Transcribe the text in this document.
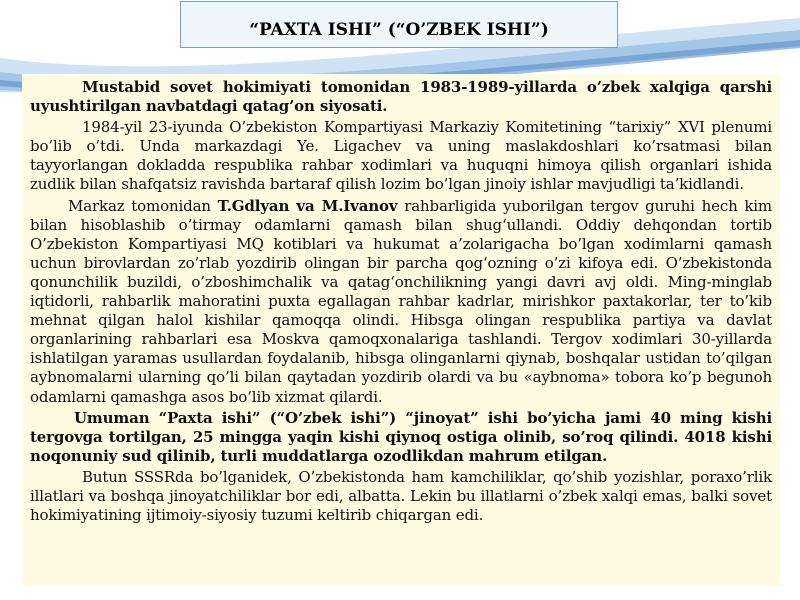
“PAXTA ISHI” (“O’ZBEK ISHI”)

Mustabid sovet hokimiyati tomonidan 1983-1989-yillarda o’zbek xalqiga qarshi uyushtirilgan navbatdagi qatag’on siyosati.

1984-yil 23-iyunda O’zbekiston Kompartiyasi Markaziy Komitetining “tarixiy” XVI plenumi bo’lib o’tdi. Unda markazdagi Ye. Ligachev va uning maslakdoshlari ko’rsatmasi bilan tayyorlangan dokladda respublika rahbar xodimlari va huquqni himoya qilish organlari ishida zudlik bilan shafqatsiz ravishda bartaraf qilish lozim bo’lgan jinoiy ishlar mavjudligi ta’kidlandi.

Markaz tomonidan T.Gdlyan va M.Ivanov rahbarligida yuborilgan tergov guruhi hech kim bilan hisoblashib o’tirmay odamlarni qamash bilan shug‘ullandi. Oddiy dehqondan tortib O’zbekiston Kompartiyasi MQ kotiblari va hukumat a’zolarigacha bo’lgan xodimlarni qamash uchun birovlardan zo’rlab yozdirib olingan bir parcha qog‘ozning o’zi kifoya edi. O’zbekistonda qonunchilik buzildi, o’zboshimchalik va qatag‘onchilikning yangi davri avj oldi. Ming-minglab iqtidorli, rahbarlik mahoratini puxta egallagan rahbar kadrlar, mirishkor paxtakorlar, ter to’kib mehnat qilgan halol kishilar qamoqqa olindi. Hibsga olingan respublika partiya va davlat organlarining rahbarlari esa Moskva qamoqxonalariga tashlandi. Tergov xodimlari 30-yillarda ishlatilgan yaramas usullardan foydalanib, hibsga olinganlarni qiynab, boshqalar ustidan to’qilgan aybnomalarni ularning qo’li bilan qaytadan yozdirib olardi va bu «aybnoma» tobora ko’p begunoh odamlarni qamashga asos bo’lib xizmat qilardi.

Umuman “Paxta ishi” (“O’zbek ishi”) “jinoyat” ishi bo’yicha jami 40 ming kishi tergovga tortilgan, 25 mingga yaqin kishi qiynoq ostiga olinib, so’roq qilindi. 4018 kishi noqonuniy sud qilinib, turli muddatlarga ozodlikdan mahrum etilgan.

Butun SSSRda bo’lganidek, O’zbekistonda ham kamchiliklar, qo’shib yozishlar, poraxo’rlik illatlari va boshqa jinoyatchiliklar bor edi, albatta. Lekin bu illatlarni o’zbek xalqi emas, balki sovet hokimiyatining ijtimoiy-siyosiy tuzumi keltirib chiqargan edi.
